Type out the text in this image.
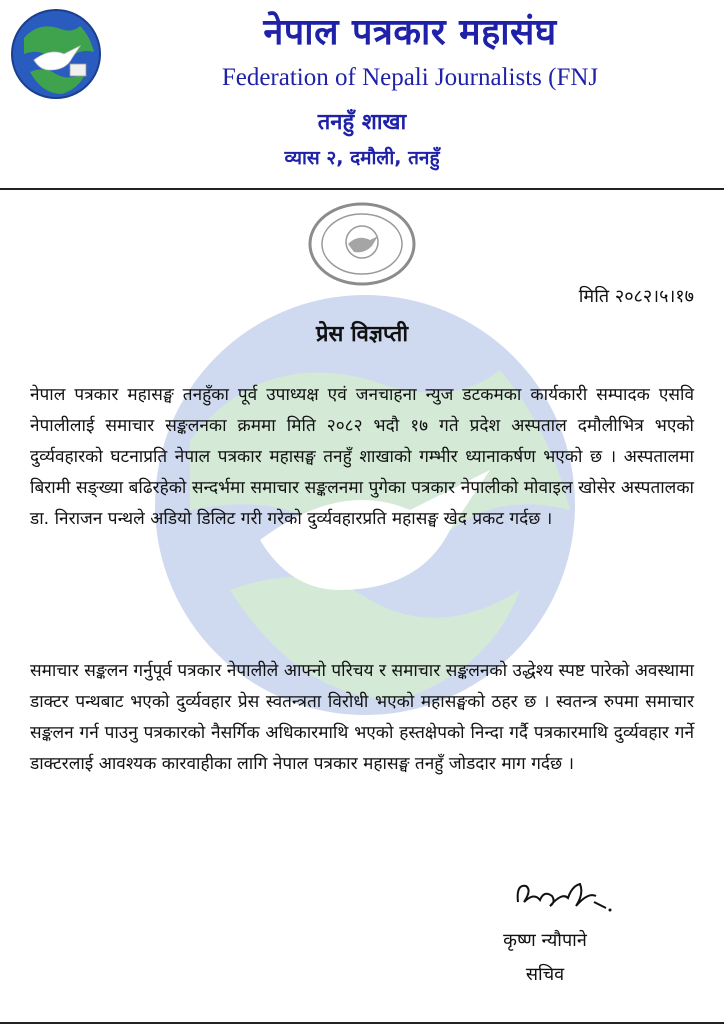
नेपाल पत्रकार महासंघ
Federation of Nepali Journalists (FNJ
तनहुँ शाखा
व्यास २, दमौली, तनहुँ
मिति २०८२।५।१७
प्रेस विज्ञप्ती
नेपाल पत्रकार महासङ्घ तनहुँका पूर्व उपाध्यक्ष एवं जनचाहना न्युज डटकमका कार्यकारी सम्पादक एसवि नेपालीलाई समाचार सङ्कलनका क्रममा मिति २०८२ भदौ १७ गते प्रदेश अस्पताल दमौलीभित्र भएको दुर्व्यवहारको घटनाप्रति नेपाल पत्रकार महासङ्घ तनहुँ शाखाको गम्भीर ध्यानाकर्षण भएको छ । अस्पतालमा बिरामी सङ्ख्या बढिरहेको सन्दर्भमा समाचार सङ्कलनमा पुगेका पत्रकार नेपालीको मोवाइल खोसेर अस्पतालका डा. निराजन पन्थले अडियो डिलिट गरी गरेको दुर्व्यवहारप्रति महासङ्घ खेद प्रकट गर्दछ ।
समाचार सङ्कलन गर्नुपूर्व पत्रकार नेपालीले आफ्नो परिचय र समाचार सङ्कलनको उद्धेश्य स्पष्ट पारेको अवस्थामा डाक्टर पन्थबाट भएको दुर्व्यवहार प्रेस स्वतन्त्रता विरोधी भएको महासङ्घको ठहर छ । स्वतन्त्र रुपमा समाचार सङ्कलन गर्न पाउनु पत्रकारको नैसर्गिक अधिकारमाथि भएको हस्तक्षेपको निन्दा गर्दै पत्रकारमाथि दुर्व्यवहार गर्ने डाक्टरलाई आवश्यक कारवाहीका लागि नेपाल पत्रकार महासङ्घ तनहुँ जोडदार माग गर्दछ ।
कृष्ण न्यौपाने
सचिव
